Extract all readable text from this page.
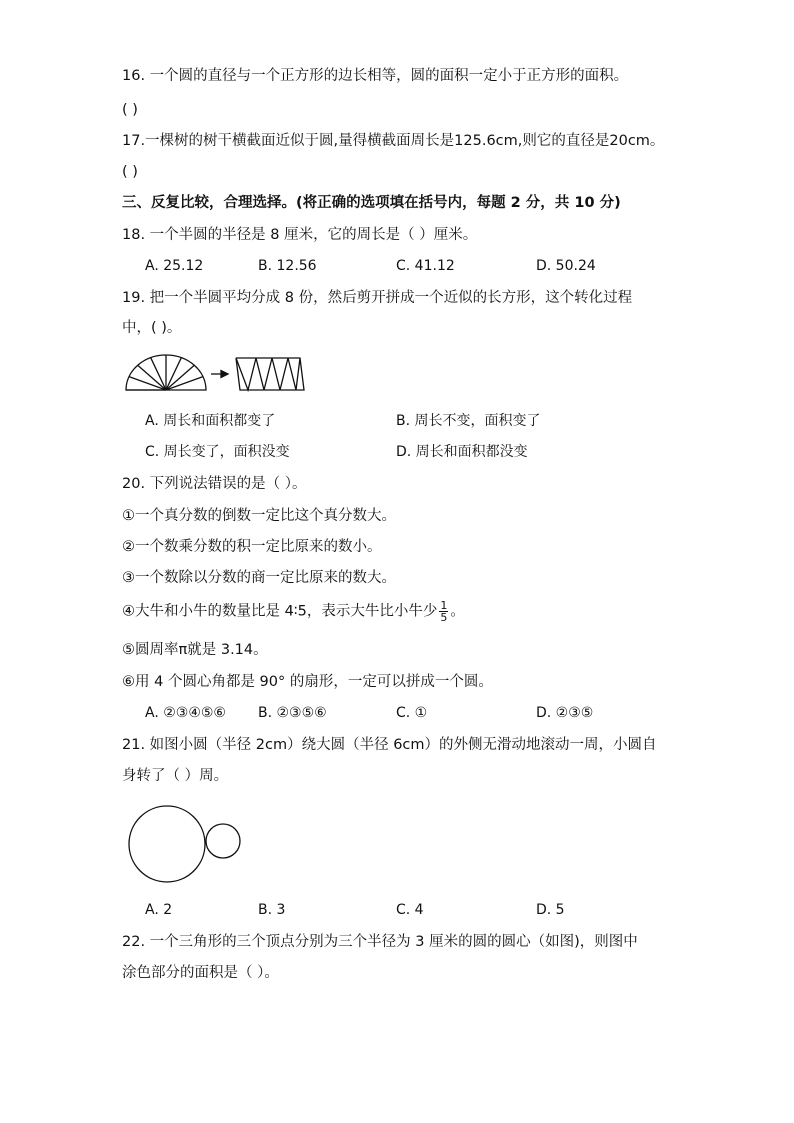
16. 一个圆的直径与一个正方形的边长相等，圆的面积一定小于正方形的面积。
( )
17.一棵树的树干横截面近似于圆,量得横截面周长是125.6cm,则它的直径是20cm。
( )
三、反复比较，合理选择。(将正确的选项填在括号内，每题 2 分，共 10 分)
18. 一个半圆的半径是 8 厘米，它的周长是（ ）厘米。
A. 25.12	B. 12.56	C. 41.12	D. 50.24
19. 把一个半圆平均分成 8 份，然后剪开拼成一个近似的长方形，这个转化过程
中，( )。
A. 周长和面积都变了	B. 周长不变，面积变了
C. 周长变了，面积没变	D. 周长和面积都没变
20. 下列说法错误的是（ ）。
①一个真分数的倒数一定比这个真分数大。
②一个数乘分数的积一定比原来的数小。
③一个数除以分数的商一定比原来的数大。
④大牛和小牛的数量比是 4∶5，表示大牛比小牛少 $\frac{1}{5}$ 。
⑤圆周率π就是 3.14。
⑥用 4 个圆心角都是 90° 的扇形，一定可以拼成一个圆。
A. ②③④⑤⑥ B. ②③⑤⑥	C. ①	D. ②③⑤
21. 如图小圆（半径 2cm）绕大圆（半径 6cm）的外侧无滑动地滚动一周，小圆自
身转了（ ）周。
A. 2	B. 3	C. 4	D. 5
22. 一个三角形的三个顶点分别为三个半径为 3 厘米的圆的圆心（如图)，则图中
涂色部分的面积是（ ）。
